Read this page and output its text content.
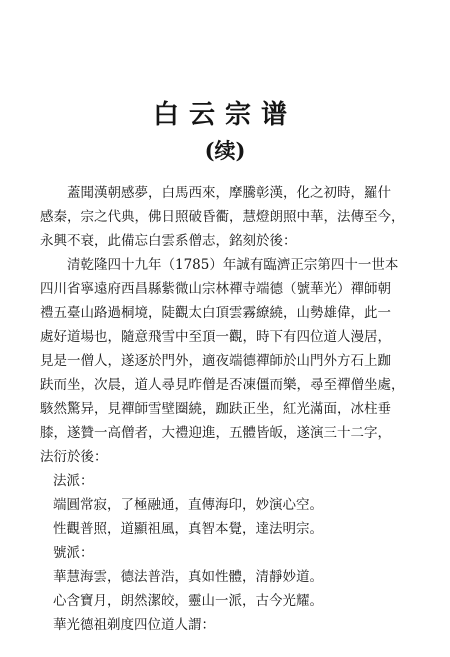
白云宗谱
(续)
蓋聞漢朝感夢，白馬西來，摩騰彰漢，化之初時，羅什
感秦，宗之代典，佛日照破昏衢，慧燈朗照中華，法傳至今，
永興不衰，此備忘白雲系僧志，銘刻於後：
清乾隆四十九年（1785）年誠有臨濟正宗第四十一世本
四川省寧遠府西昌縣紫微山宗林禪寺端德（號華光）禪師朝
禮五臺山路過桐境，陡觀太白頂雲霧繚繞，山勢雄偉，此一
處好道場也，隨意飛雪中至頂一觀，時下有四位道人漫居，
見是一僧人，遂逐於門外，適夜端德禪師於山門外方石上跏
趺而坐，次晨，道人尋見昨僧是否凍僵而樂，尋至禪僧坐處，
駭然驚异，見禪師雪壁圈繞，跏趺正坐，紅光滿面，冰柱垂
膝，遂贊一高僧者，大禮迎進，五體皆皈，遂演三十二字，
法衍於後：
法派：
端圓常寂，了極融通，直傳海印，妙演心空。
性觀普照，道顯祖風，真智本覺，達法明宗。
號派：
華慧海雲，德法普浩，真如性體，清靜妙道。
心含寶月，朗然潔皎，靈山一派，古今光耀。
華光德祖剃度四位道人謂：
